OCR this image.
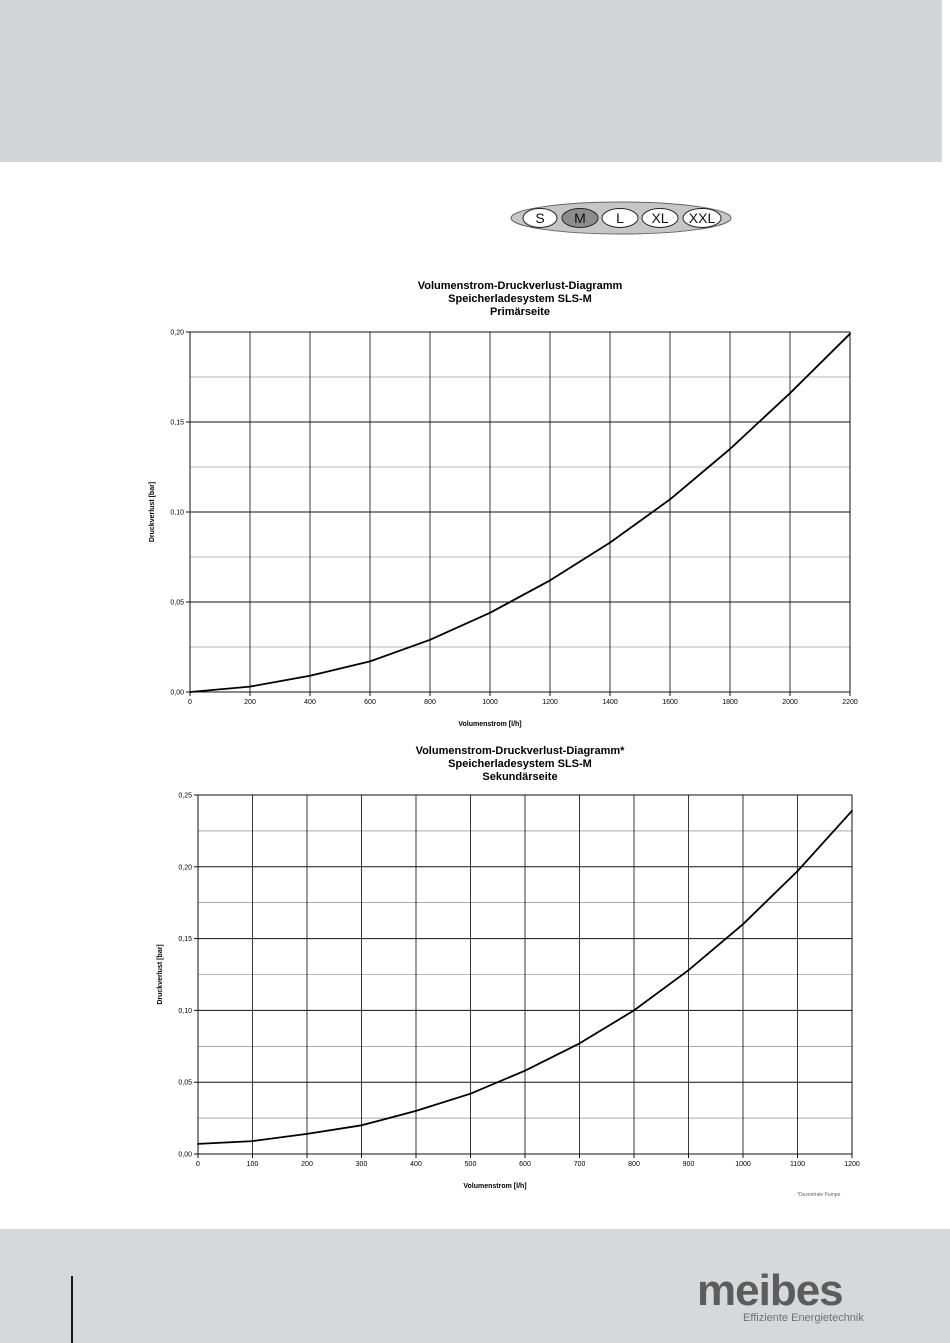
S M L XL XXL
Volumenstrom-Druckverlust-Diagramm
Speicherladesystem SLS-M
Primärseite
0,00
0,05
0,10
0,15
0,20
0	200	400	600	800	1000	1200	1400	1600	1800	2000	2200
Volumenstrom [l/h]
Druckverlust [bar]
Volumenstrom-Druckverlust-Diagramm*
Speicherladesystem SLS-M
Sekundärseite
0,00
0,05
0,10
0,15
0,20
0,25
0	100	200	300	400	500	600	700	800	900	1000	1100	1200
Volumenstrom [l/h]
Druckverlust [bar]
*Dezentrale Pumpe
meibes
Effiziente Energietechnik
